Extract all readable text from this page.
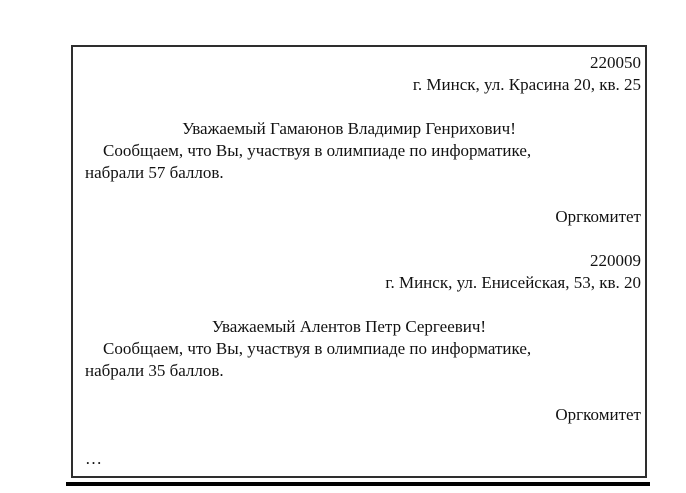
220050
г. Минск, ул. Красина 20, кв. 25
Уважаемый Гамаюнов Владимир Генрихович!
Сообщаем, что Вы, участвуя в олимпиаде по информатике,
набрали 57 баллов.
Оргкомитет
220009
г. Минск, ул. Енисейская, 53, кв. 20
Уважаемый Алентов Петр Сергеевич!
Сообщаем, что Вы, участвуя в олимпиаде по информатике,
набрали 35 баллов.
Оргкомитет
…
